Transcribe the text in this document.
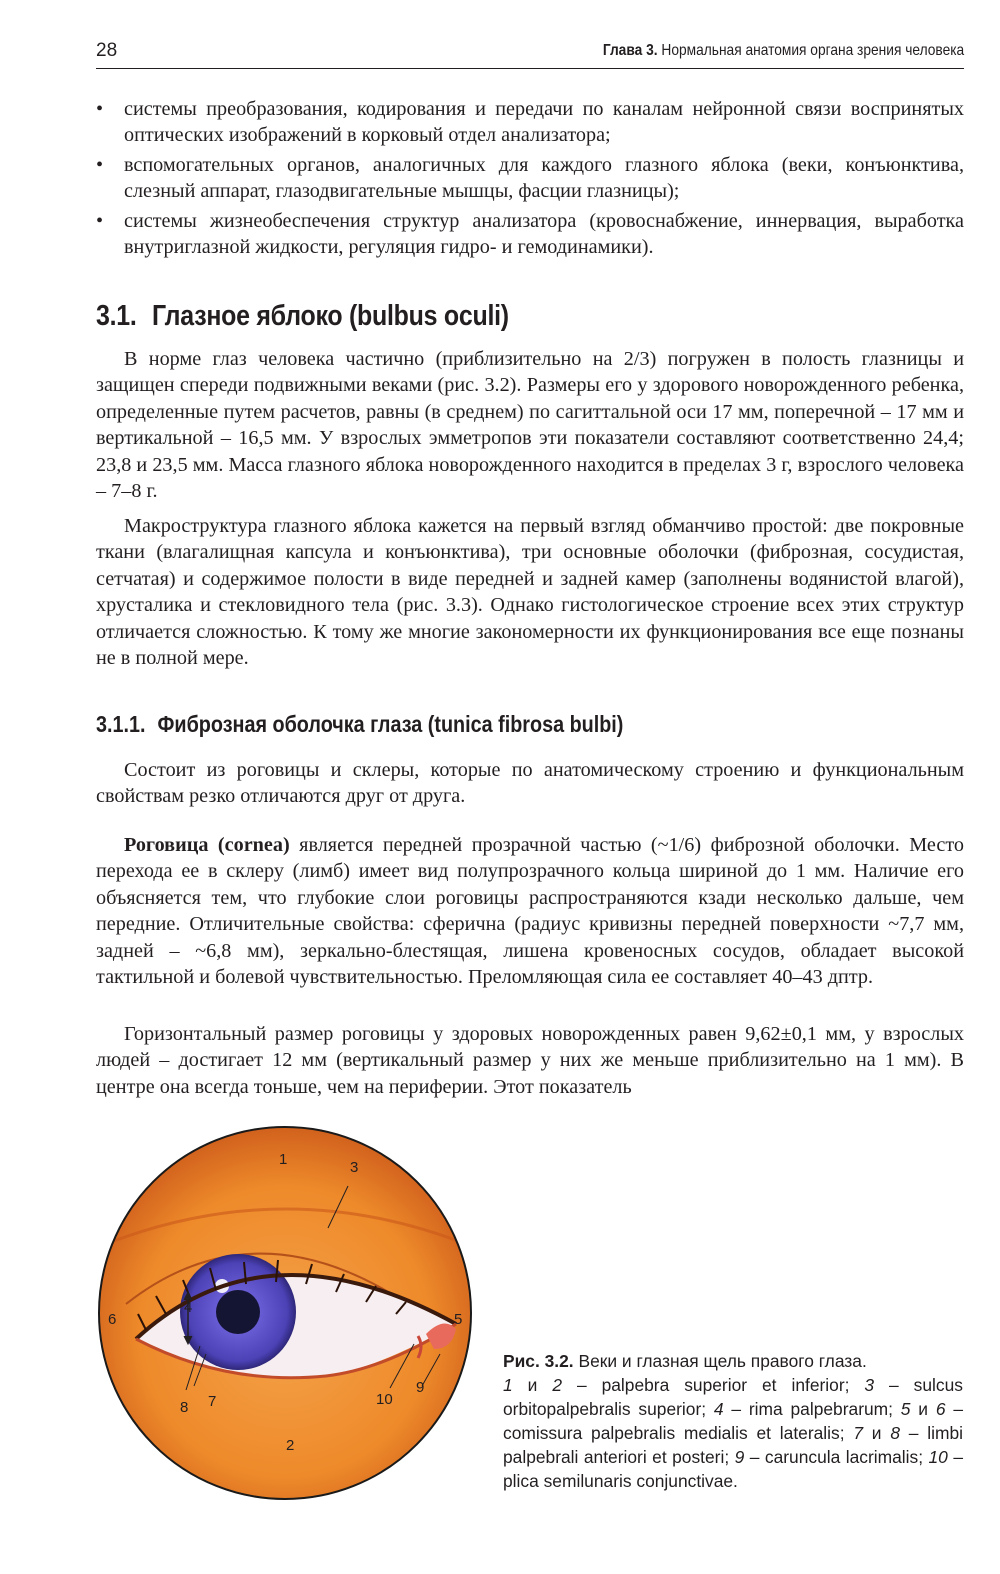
28	Глава 3. Нормальная анатомия органа зрения человека
• системы преобразования, кодирования и передачи по каналам нейронной связи воспринятых оптических изображений в корковый отдел анализатора;
• вспомогательных органов, аналогичных для каждого глазного яблока (веки, конъюнктива, слезный аппарат, глазодвигательные мышцы, фасции глазницы);
• системы жизнеобеспечения структур анализатора (кровоснабжение, иннервация, выработка внутриглазной жидкости, регуляция гидро- и гемодинамики).
3.1. Глазное яблоко (bulbus oculi)

В норме глаз человека частично (приблизительно на 2/3) погружен в полость глазницы и защищен спереди подвижными веками (рис. 3.2). Размеры его у здорового новорожденного ребенка, определенные путем расчетов, равны (в среднем) по сагиттальной оси 17 мм, поперечной – 17 мм и вертикальной – 16,5 мм. У взрослых эмметропов эти показатели составляют соответственно 24,4; 23,8 и 23,5 мм. Масса глазного яблока новорожденного находится в пределах 3 г, взрослого человека – 7–8 г.

Макроструктура глазного яблока кажется на первый взгляд обманчиво простой: две покровные ткани (влагалищная капсула и конъюнктива), три основные оболочки (фиброзная, сосудистая, сетчатая) и содержимое полости в виде передней и задней камер (заполнены водянистой влагой), хрусталика и стекловидного тела (рис. 3.3). Однако гистологическое строение всех этих структур отличается сложностью. К тому же многие закономерности их функционирования все еще познаны не в полной мере.

3.1.1. Фиброзная оболочка глаза (tunica fibrosa bulbi)

Состоит из роговицы и склеры, которые по анатомическому строению и функциональным свойствам резко отличаются друг от друга.

Роговица (cornea) является передней прозрачной частью (~1/6) фиброзной оболочки. Место перехода ее в склеру (лимб) имеет вид полупрозрачного кольца шириной до 1 мм. Наличие его объясняется тем, что глубокие слои роговицы распространяются кзади несколько дальше, чем передние. Отличительные свойства: сферична (радиус кривизны передней поверхности ~7,7 мм, задней – ~6,8 мм), зеркально-блестящая, лишена кровеносных сосудов, обладает высокой тактильной и болевой чувствительностью. Преломляющая сила ее составляет 40–43 дптр.

Горизонтальный размер роговицы у здоровых новорожденных равен 9,62±0,1 мм, у взрослых людей – достигает 12 мм (вертикальный размер у них же меньше приблизительно на 1 мм). В центре она всегда тоньше, чем на периферии. Этот показатель

1	3
4
5
6
7
8
9
10
2
Рис. 3.2. Веки и глазная щель правого глаза.
1 и 2 – palpebra superior et inferior; 3 – sulcus orbitopalpebralis superior; 4 – rima palpebrarum; 5 и 6 – comissura palpebralis medialis et lateralis; 7 и 8 – limbi palpebrali anteriori et posteri; 9 – caruncula lacrimalis; 10 – plica semilunaris conjunctivae.
